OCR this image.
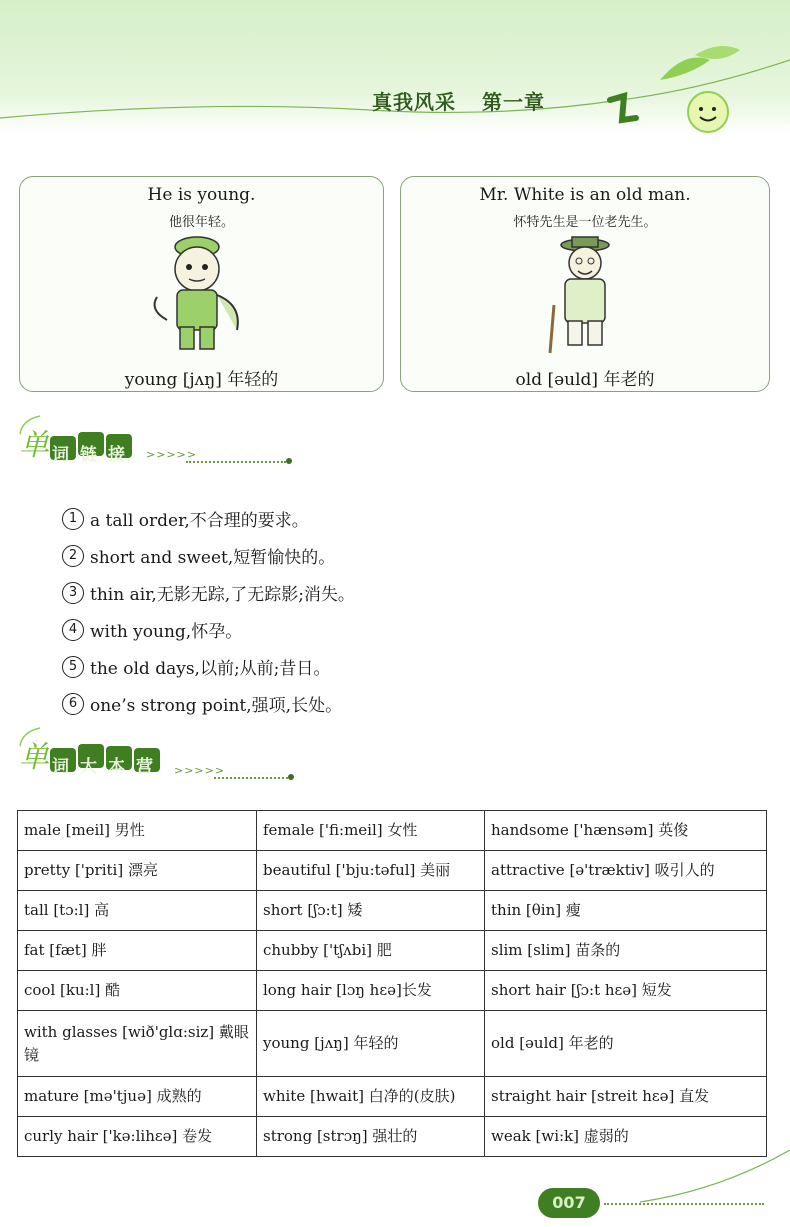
真我风采 第一章
He is young.
他很年轻。
young [jʌŋ] 年轻的
Mr. White is an old man.
怀特先生是一位老先生。
old [əuld] 年老的
词链接
单	>>>>>
1 a tall order,不合理的要求。
2 short and sweet,短暂愉快的。
3 thin air,无影无踪,了无踪影;消失。
4 with young,怀孕。
5 the old days,以前;从前;昔日。
6 one’s strong point,强项,长处。
词大本营
单	>>>>>
male [meil] 男性	female ['fi:meil] 女性	handsome ['hænsəm] 英俊
pretty ['priti] 漂亮	beautiful ['bju:təful] 美丽	attractive [ə'træktiv] 吸引人的
tall [tɔ:l] 高	short [ʃɔ:t] 矮	thin [θin] 瘦
fat [fæt] 胖	chubby ['tʃʌbi] 肥	slim [slim] 苗条的
cool [ku:l] 酷	long hair [lɔŋ hɛə]长发	short hair [ʃɔ:t hɛə] 短发
with glasses [wið'glɑ:siz] 戴眼镜	young [jʌŋ] 年轻的	old [əuld] 年老的
mature [mə'tjuə] 成熟的	white [hwait] 白净的(皮肤)	straight hair [streit hɛə] 直发
curly hair ['kə:lihɛə] 卷发	strong [strɔŋ] 强壮的	weak [wi:k] 虚弱的
007
